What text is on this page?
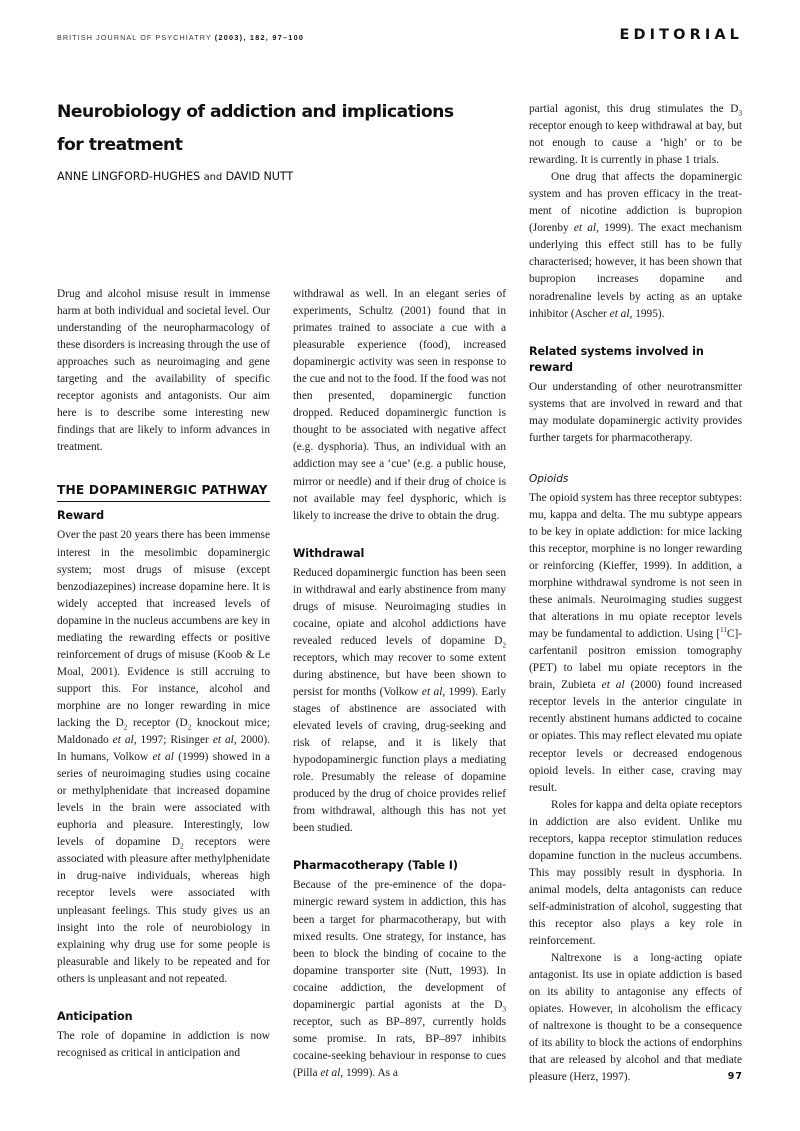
BRITISH JOURNAL OF PSYCHIATRY (2003), 182, 97–100	EDITORIAL
Neurobiology of addiction and implications
for treatment
ANNE LINGFORD-HUGHES and DAVID NUTT

Drug and alcohol misuse result in immense harm at both individual and societal level. Our understanding of the neuropharmacology of these disorders is increasing through the use of approaches such as neuroimaging and gene targeting and the availability of specific receptor agonists and antagonists. Our aim here is to describe some interesting new findings that are likely to inform advances in treatment.

THE DOPAMINERGIC PATHWAY
Reward

Over the past 20 years there has been immense interest in the mesolimbic dopaminergic system; most drugs of misuse (except benzodiazepines) increase dopamine here. It is widely accepted that increased levels of dopamine in the nucleus accumbens are key in mediating the rewarding effects or positive reinforcement of drugs of misuse (Koob & Le Moal, 2001). Evidence is still accruing to support this. For instance, alcohol and morphine are no longer rewarding in mice lacking the $D_2$ receptor ($D_2$ knockout mice; Maldonado et al, 1997; Risinger et al, 2000). In humans, Volkow et al (1999) showed in a series of neuroimaging studies using cocaine or methylphenidate that increased dopamine levels in the brain were associated with euphoria and pleasure. Interestingly, low levels of dopamine $D_2$ receptors were associated with pleasure after methylphenidate in drug-naive individuals, whereas high receptor levels were associated with unpleasant feelings. This study gives us an insight into the role of neurobiology in explaining why drug use for some people is pleasurable and likely to be repeated and for others is unpleasant and not repeated.

Anticipation

The role of dopamine in addiction is now recognised as critical in anticipation and

withdrawal as well. In an elegant series of experiments, Schultz (2001) found that in primates trained to associate a cue with a pleasurable experience (food), increased dopaminergic activity was seen in response to the cue and not to the food. If the food was not then presented, dopaminergic function dropped. Reduced dopaminergic function is thought to be associated with negative affect (e.g. dysphoria). Thus, an individual with an addiction may see a ‘cue’ (e.g. a public house, mirror or needle) and if their drug of choice is not available may feel dysphoric, which is likely to increase the drive to obtain the drug.

Withdrawal

Reduced dopaminergic function has been seen in withdrawal and early abstinence from many drugs of misuse. Neuroimaging studies in cocaine, opiate and alcohol addictions have revealed reduced levels of dopamine $D_2$ receptors, which may recover to some extent during abstinence, but have been shown to persist for months (Volkow et al, 1999). Early stages of abstinence are associated with elevated levels of craving, drug-seeking and risk of relapse, and it is likely that hypodopaminergic function plays a mediating role. Presumably the release of dopamine produced by the drug of choice provides relief from withdrawal, although this has not yet been studied.

Pharmacotherapy (Table I)

Because of the pre-eminence of the dopaminergic reward system in addiction, this has been a target for pharmacotherapy, but with mixed results. One strategy, for instance, has been to block the binding of cocaine to the dopamine transporter site (Nutt, 1993). In cocaine addiction, the development of dopaminergic partial agonists at the $D_3$ receptor, such as BP–897, currently holds some promise. In rats, BP–897 inhibits cocaine-seeking behaviour in response to cues (Pilla et al, 1999). As a

partial agonist, this drug stimulates the $D_3$ receptor enough to keep withdrawal at bay, but not enough to cause a ‘high’ or to be rewarding. It is currently in phase 1 trials.

One drug that affects the dopaminergic system and has proven efficacy in the treatment of nicotine addiction is bupropion (Jorenby et al, 1999). The exact mechanism underlying this effect still has to be fully characterised; however, it has been shown that bupropion increases dopamine and noradrenaline levels by acting as an uptake inhibitor (Ascher et al, 1995).

Related systems involved in reward

Our understanding of other neurotransmitter systems that are involved in reward and that may modulate dopaminergic activity provides further targets for pharmacotherapy.

Opioids

The opioid system has three receptor subtypes: mu, kappa and delta. The mu subtype appears to be key in opiate addiction: for mice lacking this receptor, morphine is no longer rewarding or reinforcing (Kieffer, 1999). In addition, a morphine withdrawal syndrome is not seen in these animals. Neuroimaging studies suggest that alterations in mu opiate receptor levels may be fundamental to addiction. Using [$^{11}$C]-carfentanil positron emission tomography (PET) to label mu opiate receptors in the brain, Zubieta et al (2000) found increased receptor levels in the anterior cingulate in recently abstinent humans addicted to cocaine or opiates. This may reflect elevated mu opiate receptor levels or decreased endogenous opioid levels. In either case, craving may result.

Roles for kappa and delta opiate receptors in addiction are also evident. Unlike mu receptors, kappa receptor stimulation reduces dopamine function in the nucleus accumbens. This may possibly result in dysphoria. In animal models, delta antagonists can reduce self-administration of alcohol, suggesting that this receptor also plays a key role in reinforcement.

Naltrexone is a long-acting opiate antagonist. Its use in opiate addiction is based on its ability to antagonise any effects of opiates. However, in alcoholism the efficacy of naltrexone is thought to be a consequence of its ability to block the actions of endorphins that are released by alcohol and that mediate pleasure (Herz, 1997).	97
